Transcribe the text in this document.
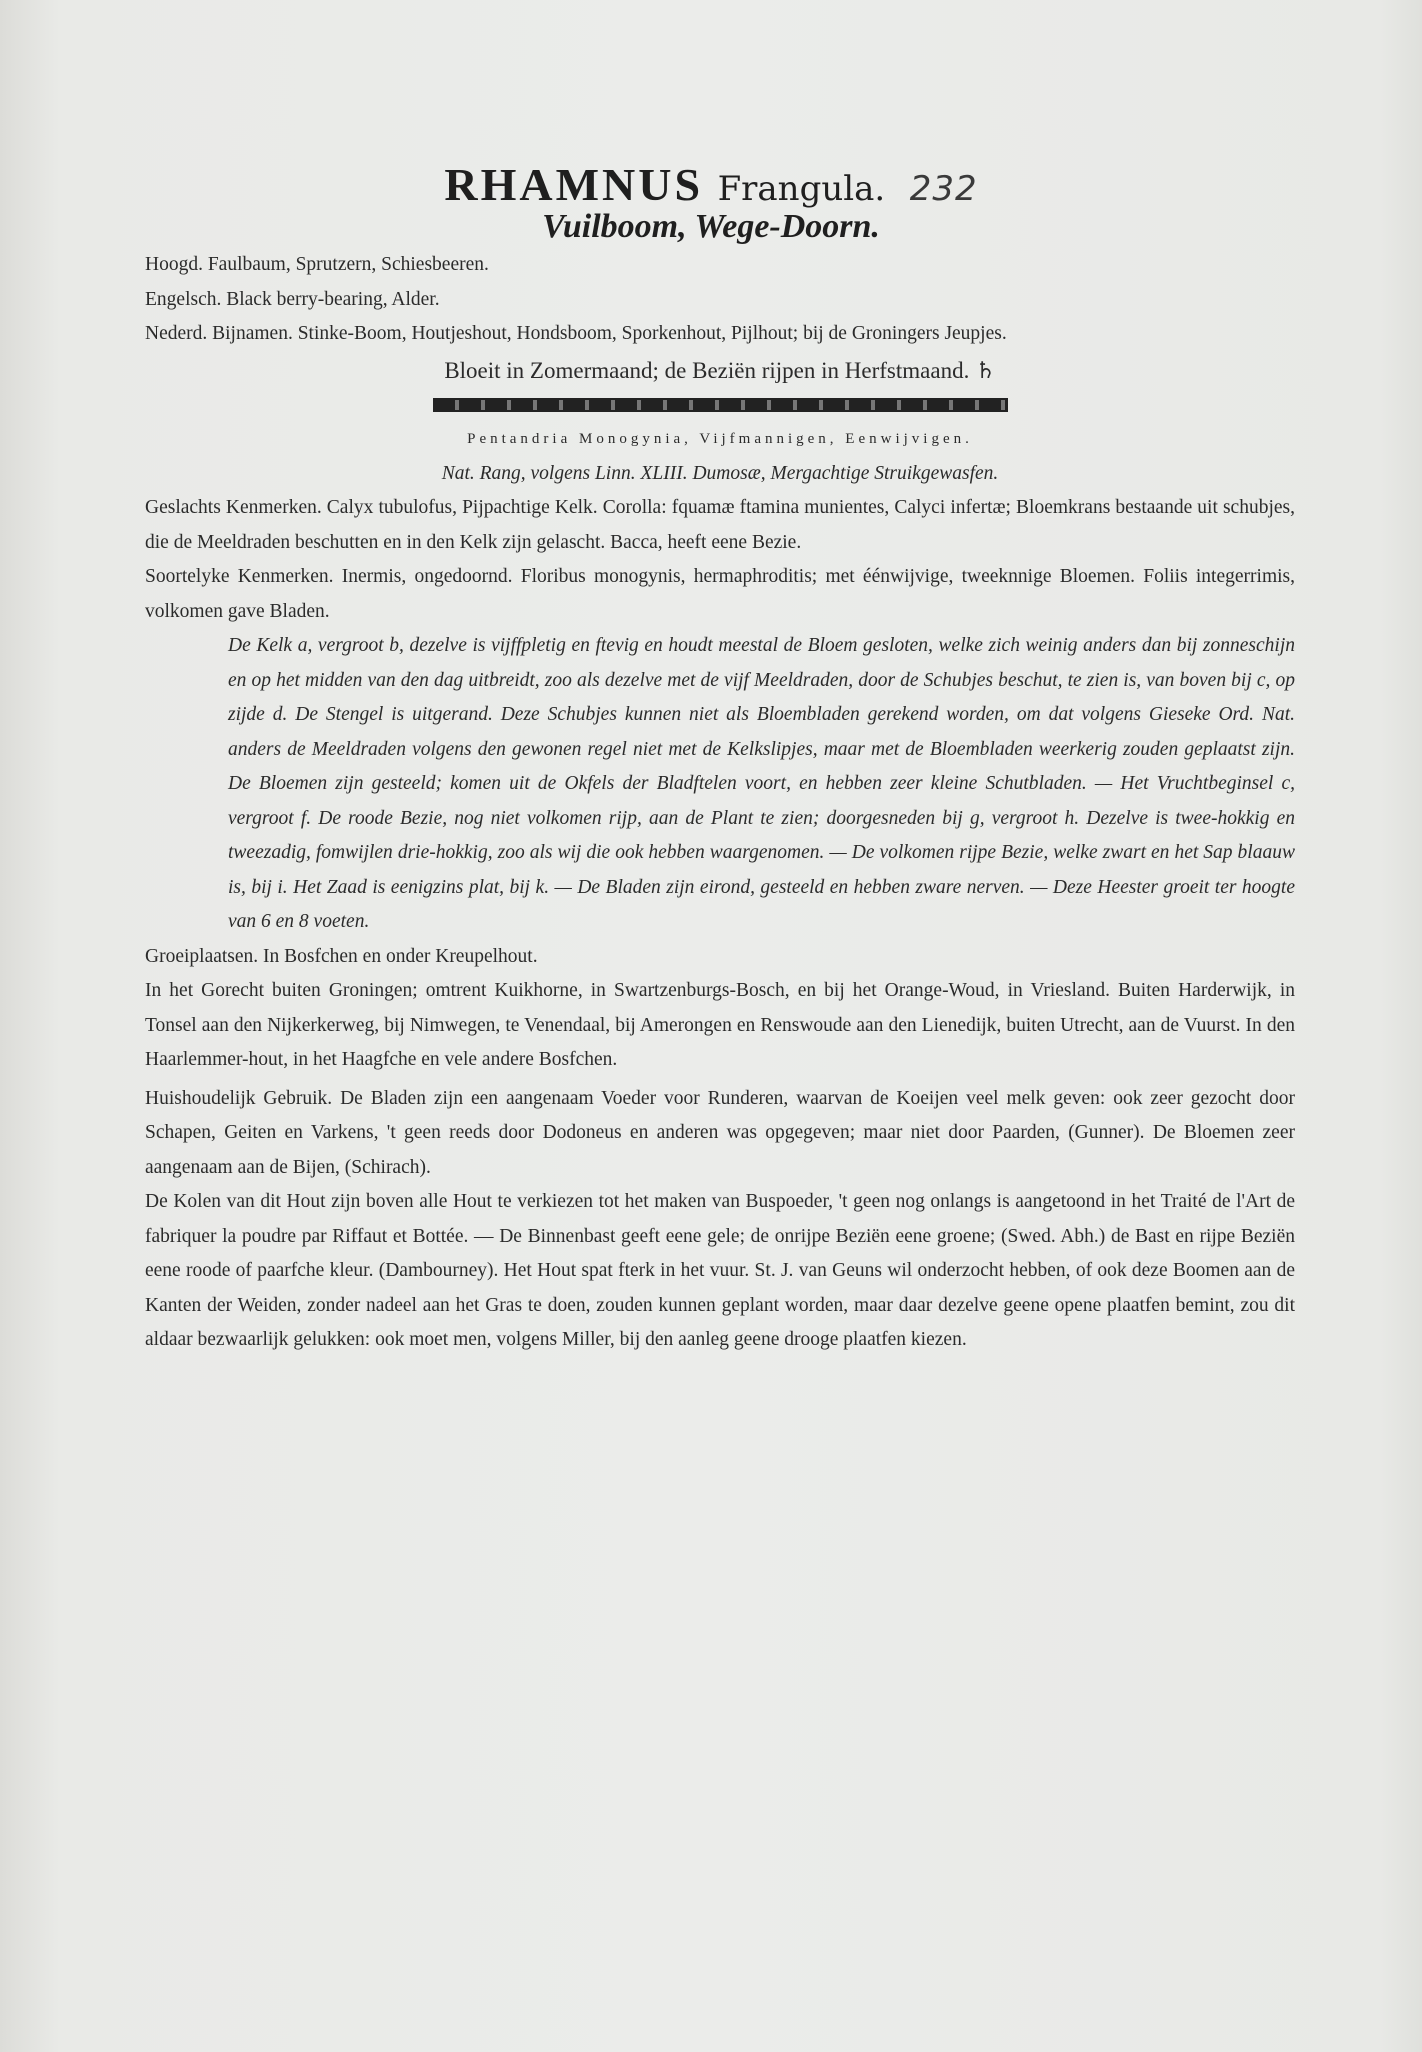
RHAMNUS Frangula. 232
Vuilboom, Wege-Doorn.

Hoogd. Faulbaum, Sprutzern, Schiesbeeren.

Engelsch. Black berry-bearing, Alder.

Nederd. Bijnamen. Stinke-Boom, Houtjeshout, Hondsboom, Sporkenhout, Pijlhout; bij de Groningers Jeupjes.

Bloeit in Zomermaand; de Beziën rijpen in Herfstmaand. ♄

Pentandria Monogynia, Vijfmannigen, Eenwijvigen.

Nat. Rang, volgens Linn. XLIII. Dumosæ, Mergachtige Struikgewasfen.

Geslachts Kenmerken. Calyx tubulofus, Pijpachtige Kelk. Corolla: fquamæ ftamina munientes, Calyci infertæ; Bloemkrans bestaande uit schubjes, die de Meeldraden beschutten en in den Kelk zijn gelascht. Bacca, heeft eene Bezie.

Soortelyke Kenmerken. Inermis, ongedoornd. Floribus monogynis, hermaphroditis; met éénwijvige, tweeknnige Bloemen. Foliis integerrimis, volkomen gave Bladen.

De Kelk a, vergroot b, dezelve is vijffpletig en ftevig en houdt meestal de Bloem gesloten, welke zich weinig anders dan bij zonneschijn en op het midden van den dag uitbreidt, zoo als dezelve met de vijf Meeldraden, door de Schubjes beschut, te zien is, van boven bij c, op zijde d. De Stengel is uitgerand. Deze Schubjes kunnen niet als Bloembladen gerekend worden, om dat volgens Gieseke Ord. Nat. anders de Meeldraden volgens den gewonen regel niet met de Kelkslipjes, maar met de Bloembladen weerkerig zouden geplaatst zijn. De Bloemen zijn gesteeld; komen uit de Okfels der Bladftelen voort, en hebben zeer kleine Schutbladen. — Het Vruchtbeginsel c, vergroot f. De roode Bezie, nog niet volkomen rijp, aan de Plant te zien; doorgesneden bij g, vergroot h. Dezelve is twee-hokkig en tweezadig, fomwijlen drie-hokkig, zoo als wij die ook hebben waargenomen. — De volkomen rijpe Bezie, welke zwart en het Sap blaauw is, bij i. Het Zaad is eenigzins plat, bij k. — De Bladen zijn eirond, gesteeld en hebben zware nerven. — Deze Heester groeit ter hoogte van 6 en 8 voeten.

Groeiplaatsen. In Bosfchen en onder Kreupelhout.

In het Gorecht buiten Groningen; omtrent Kuikhorne, in Swartzenburgs-Bosch, en bij het Orange-Woud, in Vriesland. Buiten Harderwijk, in Tonsel aan den Nijkerkerweg, bij Nimwegen, te Venendaal, bij Amerongen en Renswoude aan den Lienedijk, buiten Utrecht, aan de Vuurst. In den Haarlemmer-hout, in het Haagfche en vele andere Bosfchen.

Huishoudelijk Gebruik. De Bladen zijn een aangenaam Voeder voor Runderen, waarvan de Koeijen veel melk geven: ook zeer gezocht door Schapen, Geiten en Varkens, 't geen reeds door Dodoneus en anderen was opgegeven; maar niet door Paarden, (Gunner). De Bloemen zeer aangenaam aan de Bijen, (Schirach).

De Kolen van dit Hout zijn boven alle Hout te verkiezen tot het maken van Buspoeder, 't geen nog onlangs is aangetoond in het Traité de l'Art de fabriquer la poudre par Riffaut et Bottée. — De Binnenbast geeft eene gele; de onrijpe Beziën eene groene; (Swed. Abh.) de Bast en rijpe Beziën eene roode of paarfche kleur. (Dambourney). Het Hout spat fterk in het vuur. St. J. van Geuns wil onderzocht hebben, of ook deze Boomen aan de Kanten der Weiden, zonder nadeel aan het Gras te doen, zouden kunnen geplant worden, maar daar dezelve geene opene plaatfen bemint, zou dit aldaar bezwaarlijk gelukken: ook moet men, volgens Miller, bij den aanleg geene drooge plaatfen kiezen.
